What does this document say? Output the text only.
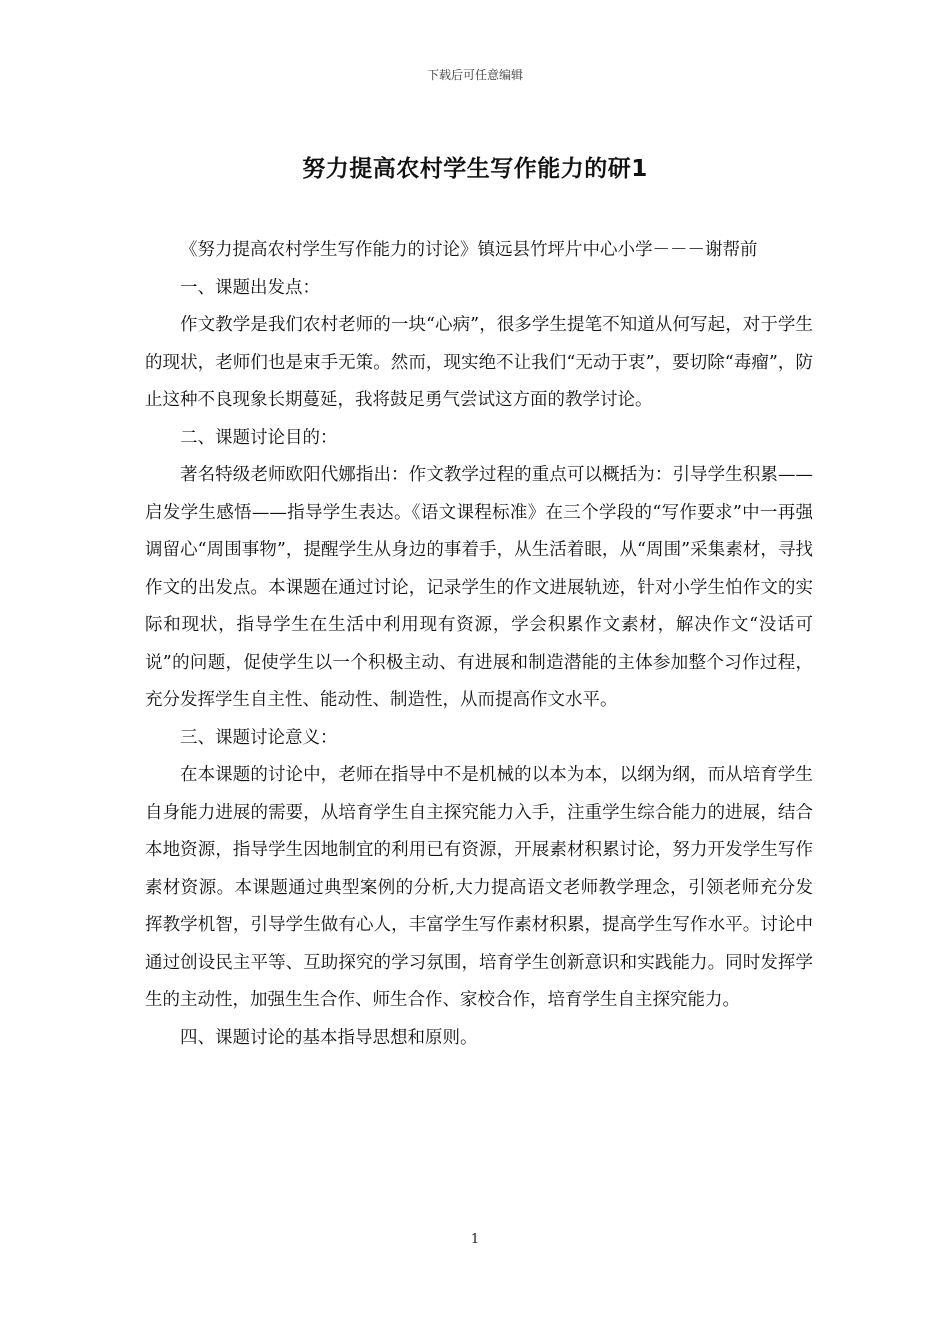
下载后可任意编辑
努力提高农村学生写作能力的研1

《努力提高农村学生写作能力的讨论》镇远县竹坪片中心小学－－－谢帮前

一、课题出发点：

作文教学是我们农村老师的一块“心病”，很多学生提笔不知道从何写起，对于学生的现状，老师们也是束手无策。然而，现实绝不让我们“无动于衷”，要切除“毒瘤”，防止这种不良现象长期蔓延，我将鼓足勇气尝试这方面的教学讨论。

二、课题讨论目的：

著名特级老师欧阳代娜指出：作文教学过程的重点可以概括为：引导学生积累——启发学生感悟——指导学生表达。《语文课程标准》在三个学段的“写作要求”中一再强调留心“周围事物”，提醒学生从身边的事着手，从生活着眼，从“周围”采集素材，寻找作文的出发点。本课题在通过讨论，记录学生的作文进展轨迹，针对小学生怕作文的实际和现状，指导学生在生活中利用现有资源，学会积累作文素材，解决作文“没话可说”的问题，促使学生以一个积极主动、有进展和制造潜能的主体参加整个习作过程，充分发挥学生自主性、能动性、制造性，从而提高作文水平。

三、课题讨论意义：

在本课题的讨论中，老师在指导中不是机械的以本为本，以纲为纲，而从培育学生自身能力进展的需要，从培育学生自主探究能力入手，注重学生综合能力的进展，结合本地资源，指导学生因地制宜的利用已有资源，开展素材积累讨论，努力开发学生写作素材资源。本课题通过典型案例的分析,大力提高语文老师教学理念，引领老师充分发挥教学机智，引导学生做有心人，丰富学生写作素材积累，提高学生写作水平。讨论中通过创设民主平等、互助探究的学习氛围，培育学生创新意识和实践能力。同时发挥学生的主动性，加强生生合作、师生合作、家校合作，培育学生自主探究能力。

四、课题讨论的基本指导思想和原则。

1
